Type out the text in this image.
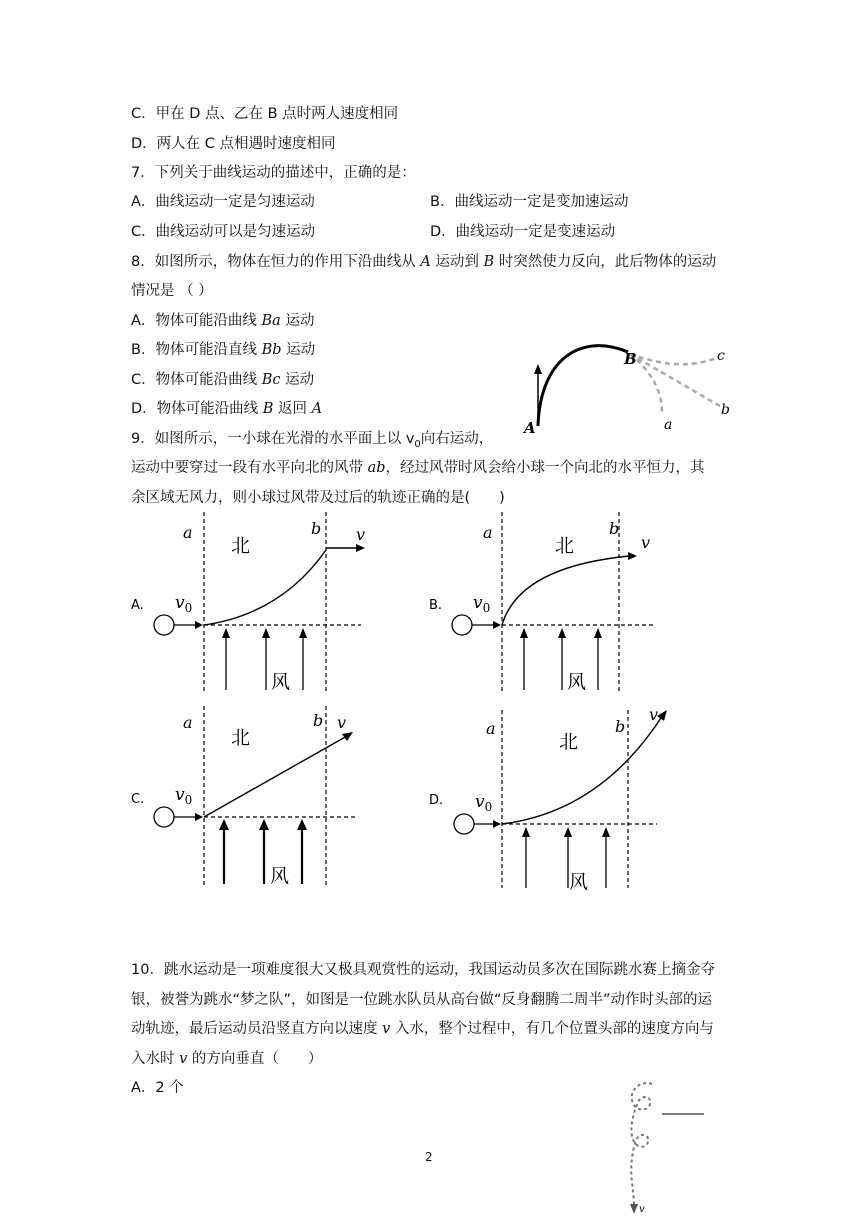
C．甲在 D 点、乙在 B 点时两人速度相同
D．两人在 C 点相遇时速度相同
7．下列关于曲线运动的描述中，正确的是：
A．曲线运动一定是匀速运动	B．曲线运动一定是变加速运动
C．曲线运动可以是匀速运动	D．曲线运动一定是变速运动
8．如图所示，物体在恒力的作用下沿曲线从 A 运动到 B 时突然使力反向，此后物体的运动
情况是 （ ）
A．物体可能沿曲线 Ba 运动
B．物体可能沿直线 Bb 运动
C．物体可能沿曲线 Bc 运动
D．物体可能沿曲线 B 返回 A
A
B	c
b
a
9．如图所示，一小球在光滑的水平面上以 $v_0$向右运动，
运动中要穿过一段有水平向北的风带 ab，经过风带时风会给小球一个向北的水平恒力，其
余区域无风力，则小球过风带及过后的轨迹正确的是(　　)
A.
a	b
北
v
$v_0$
风
B.
a	b
北	v
$v_0$
风
C.
a	b
北
v
$v_0$
风
D.
a	b
北
v
$v_0$
风
10．跳水运动是一项难度很大又极具观赏性的运动，我国运动员多次在国际跳水赛上摘金夺
银，被誉为跳水“梦之队”，如图是一位跳水队员从高台做“反身翻腾二周半”动作时头部的运
动轨迹，最后运动员沿竖直方向以速度 v 入水，整个过程中，有几个位置头部的速度方向与
入水时 v 的方向垂直（　　）
A．2 个
v
2
